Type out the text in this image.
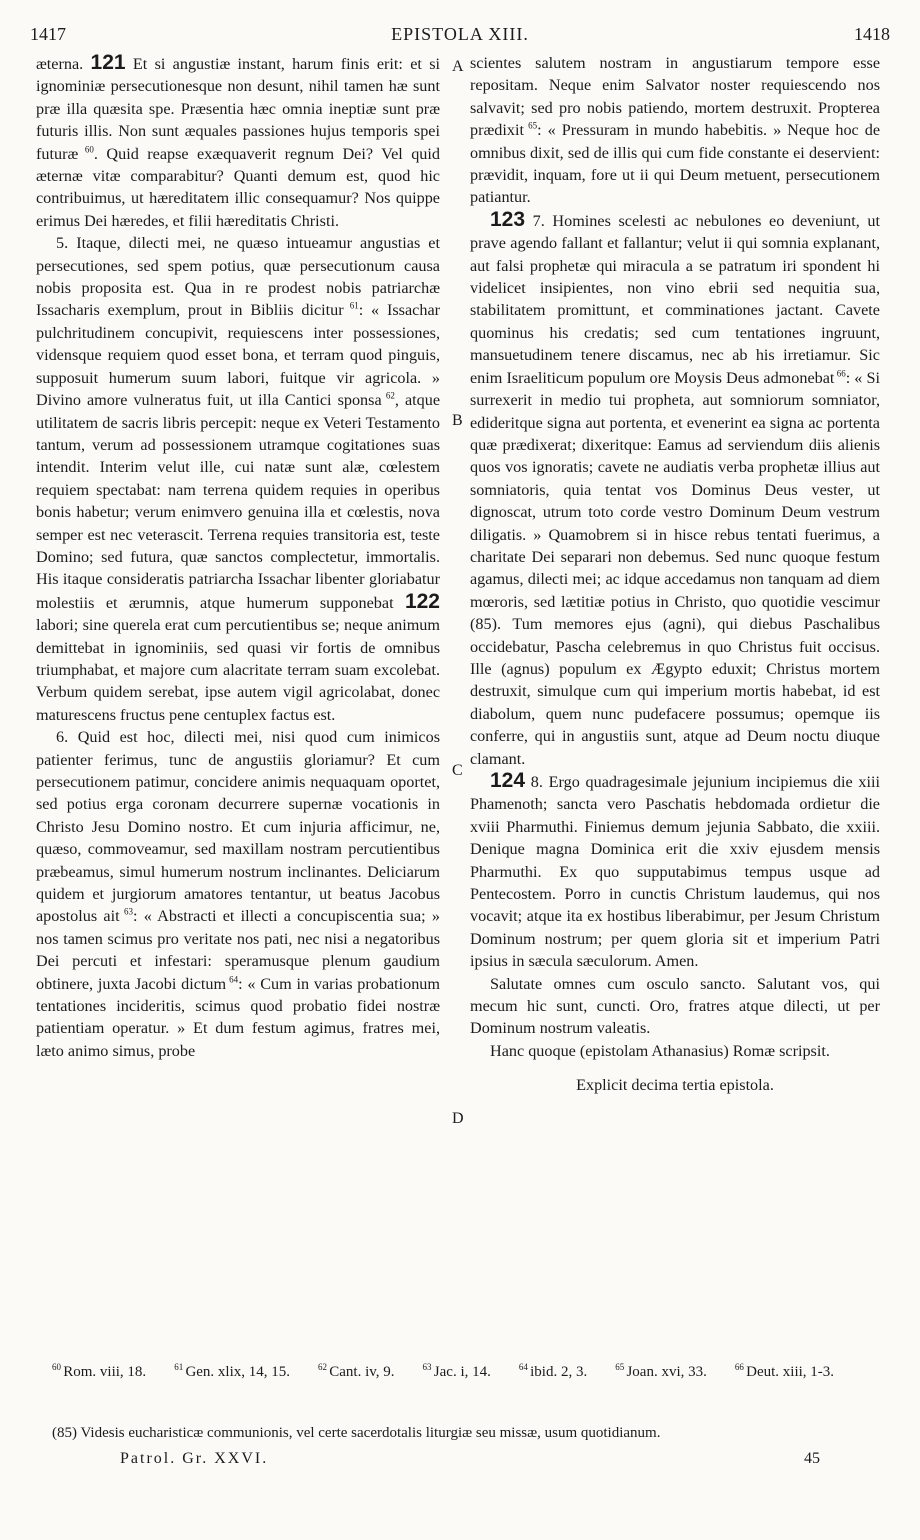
1417	EPISTOLA XIII.	1418

æterna. 121 Et si angustiæ instant, harum finis erit: et si ignominiæ persecutionesque non desunt, nihil tamen hæ sunt præ illa quæsita spe. Præsentia hæc omnia ineptiæ sunt præ futuris illis. Non sunt æquales passiones hujus temporis spei futuræ $^{60}$. Quid reapse exæquaverit regnum Dei? Vel quid æternæ vitæ comparabitur? Quanti demum est, quod hic contribuimus, ut hæreditatem illic consequamur? Nos quippe erimus Dei hæredes, et filii hæreditatis Christi.

5. Itaque, dilecti mei, ne quæso intueamur angustias et persecutiones, sed spem potius, quæ persecutionum causa nobis proposita est. Qua in re prodest nobis patriarchæ Issacharis exemplum, prout in Bibliis dicitur $^{61}$: « Issachar pulchritudinem concupivit, requiescens inter possessiones, vidensque requiem quod esset bona, et terram quod pinguis, supposuit humerum suum labori, fuitque vir agricola. » Divino amore vulneratus fuit, ut illa Cantici sponsa $^{62}$, atque utilitatem de sacris libris percepit: neque ex Veteri Testamento tantum, verum ad possessionem utramque cogitationes suas intendit. Interim velut ille, cui natæ sunt alæ, cœlestem requiem spectabat: nam terrena quidem requies in operibus bonis habetur; verum enimvero genuina illa et cœlestis, nova semper est nec veterascit. Terrena requies transitoria est, teste Domino; sed futura, quæ sanctos complectetur, immortalis. His itaque consideratis patriarcha Issachar libenter gloriabatur molestiis et ærumnis, atque humerum supponebat 122 labori; sine querela erat cum percutientibus se; neque animum demittebat in ignominiis, sed quasi vir fortis de omnibus triumphabat, et majore cum alacritate terram suam excolebat. Verbum quidem serebat, ipse autem vigil agricolabat, donec maturescens fructus pene centuplex factus est.

6. Quid est hoc, dilecti mei, nisi quod cum inimicos patienter ferimus, tunc de angustiis gloriamur? Et cum persecutionem patimur, concidere animis nequaquam oportet, sed potius erga coronam decurrere supernæ vocationis in Christo Jesu Domino nostro. Et cum injuria afficimur, ne, quæso, commoveamur, sed maxillam nostram percutientibus præbeamus, simul humerum nostrum inclinantes. Deliciarum quidem et jurgiorum amatores tentantur, ut beatus Jacobus apostolus ait $^{63}$: « Abstracti et illecti a concupiscentia sua; » nos tamen scimus pro veritate nos pati, nec nisi a negatoribus Dei percuti et infestari: speramusque plenum gaudium obtinere, juxta Jacobi dictum $^{64}$: « Cum in varias probationum tentationes incideritis, scimus quod probatio fidei nostræ patientiam operatur. » Et dum festum agimus, fratres mei, læto animo simus, probe

scientes salutem nostram in angustiarum tempore esse repositam. Neque enim Salvator noster requiescendo nos salvavit; sed pro nobis patiendo, mortem destruxit. Propterea prædixit $^{65}$: « Pressuram in mundo habebitis. » Neque hoc de omnibus dixit, sed de illis qui cum fide constante ei deservient: prævidit, inquam, fore ut ii qui Deum metuent, persecutionem patiantur.

123 7. Homines scelesti ac nebulones eo deveniunt, ut prave agendo fallant et fallantur; velut ii qui somnia explanant, aut falsi prophetæ qui miracula a se patratum iri spondent hi videlicet insipientes, non vino ebrii sed nequitia sua, stabilitatem promittunt, et comminationes jactant. Cavete quominus his credatis; sed cum tentationes ingruunt, mansuetudinem tenere discamus, nec ab his irretiamur. Sic enim Israeliticum populum ore Moysis Deus admonebat $^{66}$: « Si surrexerit in medio tui propheta, aut somniorum somniator, edideritque signa aut portenta, et evenerint ea signa ac portenta quæ prædixerat; dixeritque: Eamus ad serviendum diis alienis quos vos ignoratis; cavete ne audiatis verba prophetæ illius aut somniatoris, quia tentat vos Dominus Deus vester, ut dignoscat, utrum toto corde vestro Dominum Deum vestrum diligatis. » Quamobrem si in hisce rebus tentati fuerimus, a charitate Dei separari non debemus. Sed nunc quoque festum agamus, dilecti mei; ac idque accedamus non tanquam ad diem mœroris, sed lætitiæ potius in Christo, quo quotidie vescimur (85). Tum memores ejus (agni), qui diebus Paschalibus occidebatur, Pascha celebremus in quo Christus fuit occisus. Ille (agnus) populum ex Ægypto eduxit; Christus mortem destruxit, simulque cum qui imperium mortis habebat, id est diabolum, quem nunc pudefacere possumus; opemque iis conferre, qui in angustiis sunt, atque ad Deum noctu diuque clamant.

124 8. Ergo quadragesimale jejunium incipiemus die xiii Phamenoth; sancta vero Paschatis hebdomada ordietur die xviii Pharmuthi. Finiemus demum jejunia Sabbato, die xxiii. Denique magna Dominica erit die xxiv ejusdem mensis Pharmuthi. Ex quo supputabimus tempus usque ad Pentecostem. Porro in cunctis Christum laudemus, qui nos vocavit; atque ita ex hostibus liberabimur, per Jesum Christum Dominum nostrum; per quem gloria sit et imperium Patri ipsius in sæcula sæculorum. Amen.

Salutate omnes cum osculo sancto. Salutant vos, qui mecum hic sunt, cuncti. Oro, fratres atque dilecti, ut per Dominum nostrum valeatis.

Hanc quoque (epistolam Athanasius) Romæ scripsit.

Explicit decima tertia epistola.

A
B
C
D
$^{60}$ Rom. viii, 18.	$^{61}$ Gen. xlix, 14, 15.	$^{62}$ Cant. iv, 9.	$^{63}$ Jac. i, 14.	$^{64}$ ibid. 2, 3.	$^{65}$ Joan. xvi, 33.	$^{66}$ Deut. xiii, 1-3.
(85) Videsis eucharisticæ communionis, vel certe sacerdotalis liturgiæ seu missæ, usum quotidianum.
Patrol. Gr. XXVI.	45
